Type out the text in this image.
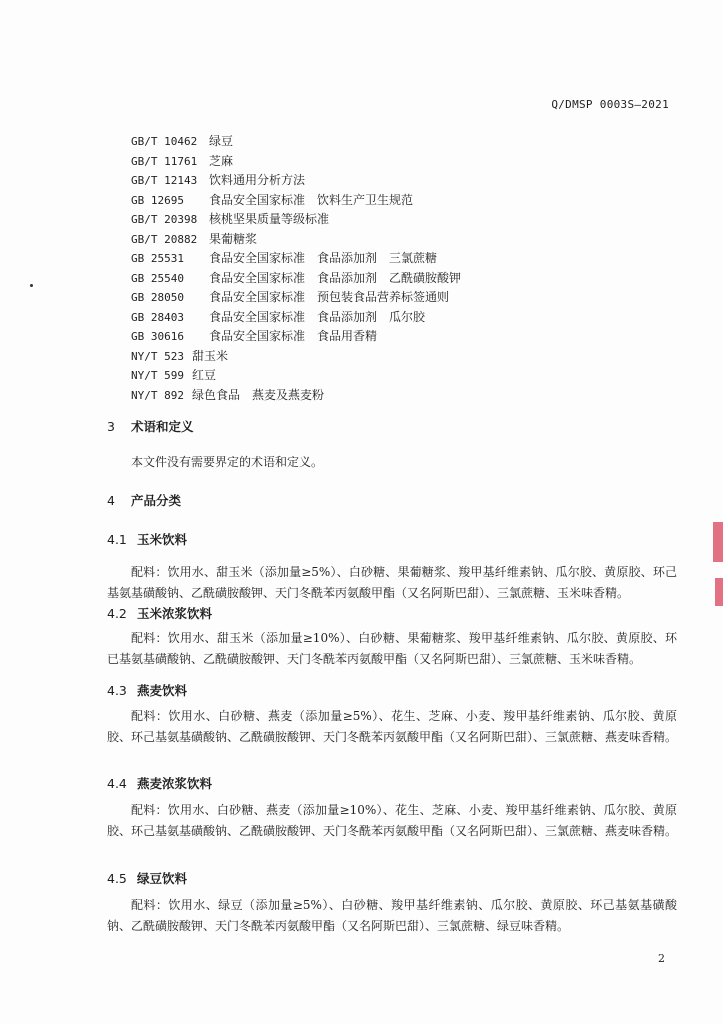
Q/DMSP 0003S—2021
GB/T 10462 绿豆
GB/T 11761 芝麻
GB/T 12143 饮料通用分析方法
GB 12695 食品安全国家标准　饮料生产卫生规范
GB/T 20398 核桃坚果质量等级标准
GB/T 20882 果葡糖浆
GB 25531 食品安全国家标准　食品添加剂　三氯蔗糖
GB 25540 食品安全国家标准　食品添加剂　乙酰磺胺酸钾
GB 28050 食品安全国家标准　预包装食品营养标签通则
GB 28403 食品安全国家标准　食品添加剂　瓜尔胶
GB 30616 食品安全国家标准　食品用香精
NY/T 523 甜玉米
NY/T 599 红豆
NY/T 892 绿色食品　燕麦及燕麦粉
3 术语和定义
本文件没有需要界定的术语和定义。
4 产品分类
4.1 玉米饮料
配料：饮用水、甜玉米（添加量≥5%）、白砂糖、果葡糖浆、羧甲基纤维素钠、瓜尔胶、黄原胶、环己基氨基磺酸钠、乙酰磺胺酸钾、天门冬酰苯丙氨酸甲酯（又名阿斯巴甜）、三氯蔗糖、玉米味香精。
4.2 玉米浓浆饮料
配料：饮用水、甜玉米（添加量≥10%）、白砂糖、果葡糖浆、羧甲基纤维素钠、瓜尔胶、黄原胶、环已基氨基磺酸钠、乙酰磺胺酸钾、天门冬酰苯丙氨酸甲酯（又名阿斯巴甜）、三氯蔗糖、玉米味香精。
4.3 燕麦饮料
配料：饮用水、白砂糖、燕麦（添加量≥5%）、花生、芝麻、小麦、羧甲基纤维素钠、瓜尔胶、黄原胶、环己基氨基磺酸钠、乙酰磺胺酸钾、天门冬酰苯丙氨酸甲酯（又名阿斯巴甜）、三氯蔗糖、燕麦味香精。
4.4 燕麦浓浆饮料
配料：饮用水、白砂糖、燕麦（添加量≥10%）、花生、芝麻、小麦、羧甲基纤维素钠、瓜尔胶、黄原胶、环己基氨基磺酸钠、乙酰磺胺酸钾、天门冬酰苯丙氨酸甲酯（又名阿斯巴甜）、三氯蔗糖、燕麦味香精。
4.5 绿豆饮料
配料：饮用水、绿豆（添加量≥5%）、白砂糖、羧甲基纤维素钠、瓜尔胶、黄原胶、环己基氨基磺酸钠、乙酰磺胺酸钾、天门冬酰苯丙氨酸甲酯（又名阿斯巴甜）、三氯蔗糖、绿豆味香精。
2
